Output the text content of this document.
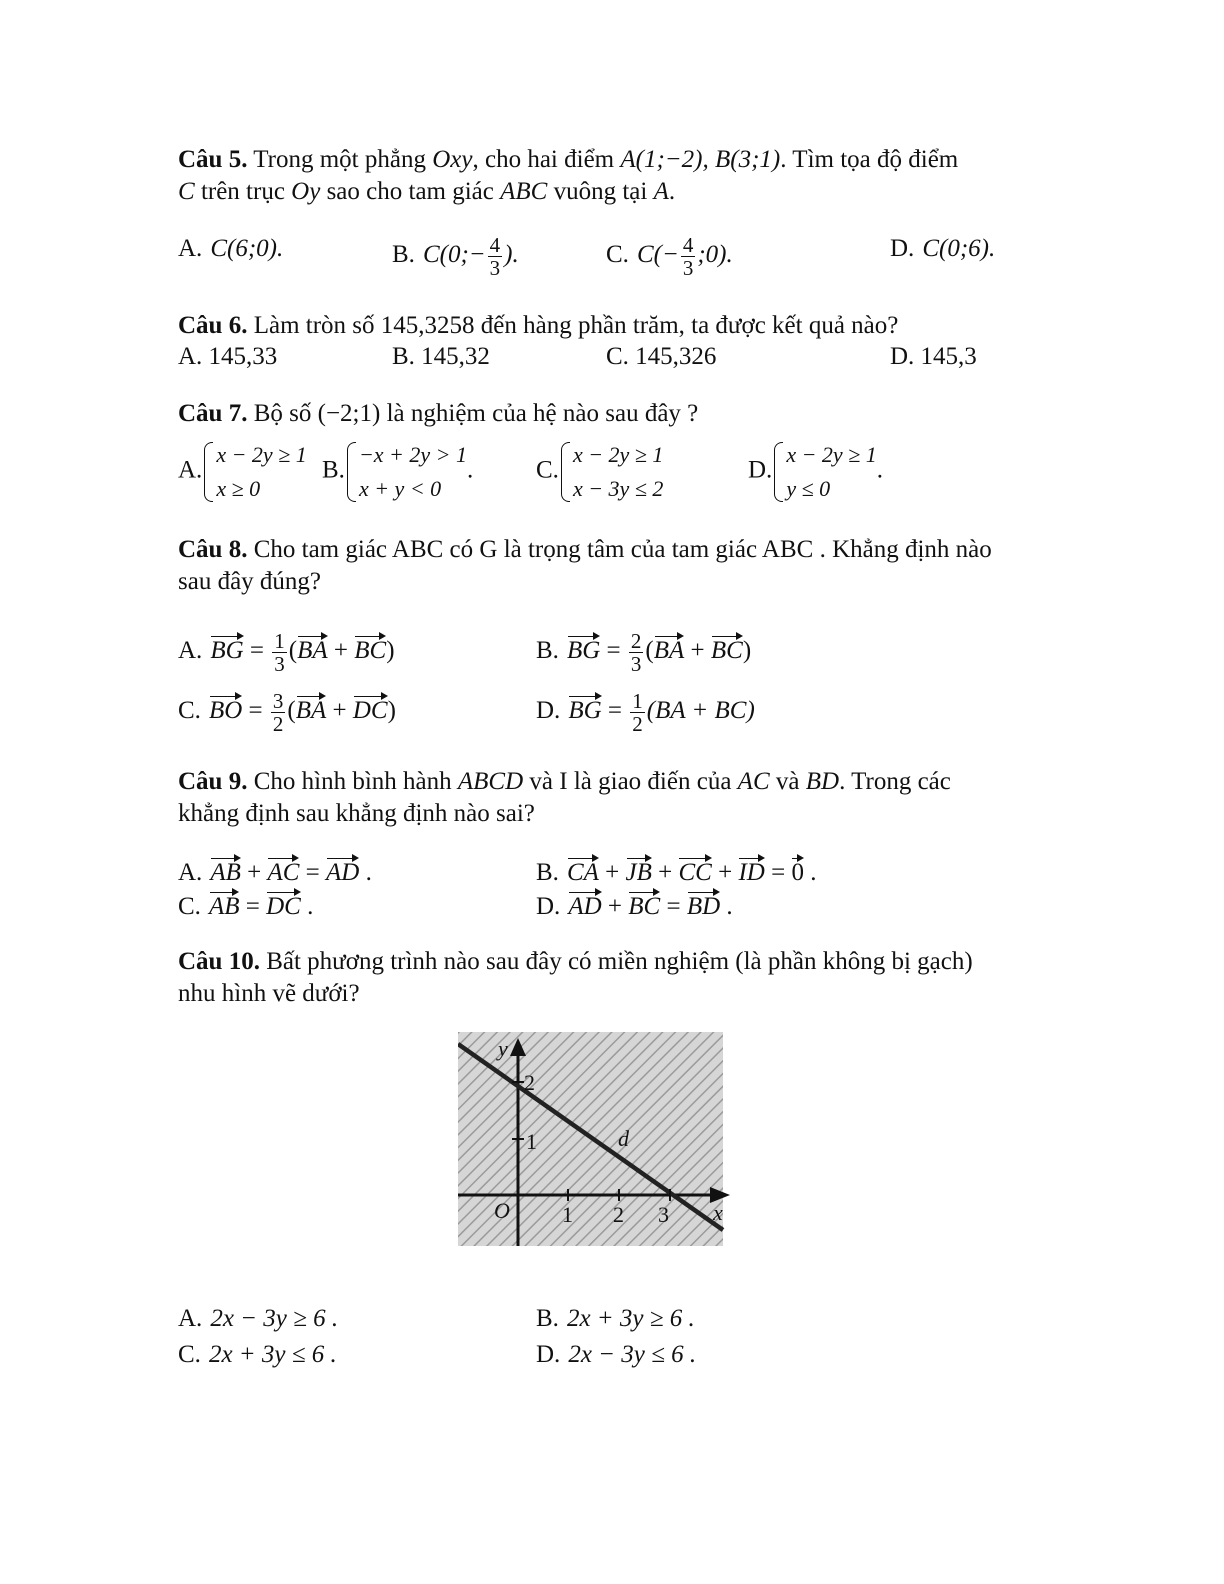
Câu 5. Trong một phẳng Oxy, cho hai điểm A(1;−2), B(3;1). Tìm tọa độ điểm
C trên trục Oy sao cho tam giác ABC vuông tại A.
A. C(6;0).	B. C(0;− $\frac{4}{3}$ ).	C. $C(- \frac{4}{3}$ ;0).	D. C(0;6).
Câu 6. Làm tròn số 145,3258 đến hàng phần trăm, ta được kết quả nào?
A. 145,33	B. 145,32	C. 145,326	D. 145,3
Câu 7. Bộ số (−2;1) là nghiệm của hệ nào sau đây ?
A.
x − 2y ≥ 1
x ≥ 0
B.
−x + 2y > 1
x + y < 0
.	C.
x − 2y ≥ 1
x − 3y ≤ 2
D.
x − 2y ≥ 1
y ≤ 0
.
Câu 8. Cho tam giác ABC có G là trọng tâm của tam giác ABC . Khẳng định nào sau đây đúng?
A. BG = $\frac{1}{3} (BA + BC)$	B. BG = $\frac{2}{3} (BA + BC)$
C. BO = $\frac{3}{2} (BA + DC)$	D. BG = $\frac{1}{2} (BA + BC)$
Câu 9. Cho hình bình hành ABCD và I là giao điến của AC và BD. Trong các khẳng định sau khẳng định nào sai?
A. AB + AC = AD .	B. CA + JB + CC + ID = 0 .
C. AB = DC .	D. AD + BC = BD .
Câu 10. Bất phương trình nào sau đây có miền nghiệm (là phần không bị gạch) nhu hình vẽ dưới?
y
x
O 1 2 3
1
2
d
A. 2x − 3y ≥ 6 .	B. 2x + 3y ≥ 6 .
C. 2x + 3y ≤ 6 .	D. 2x − 3y ≤ 6 .
